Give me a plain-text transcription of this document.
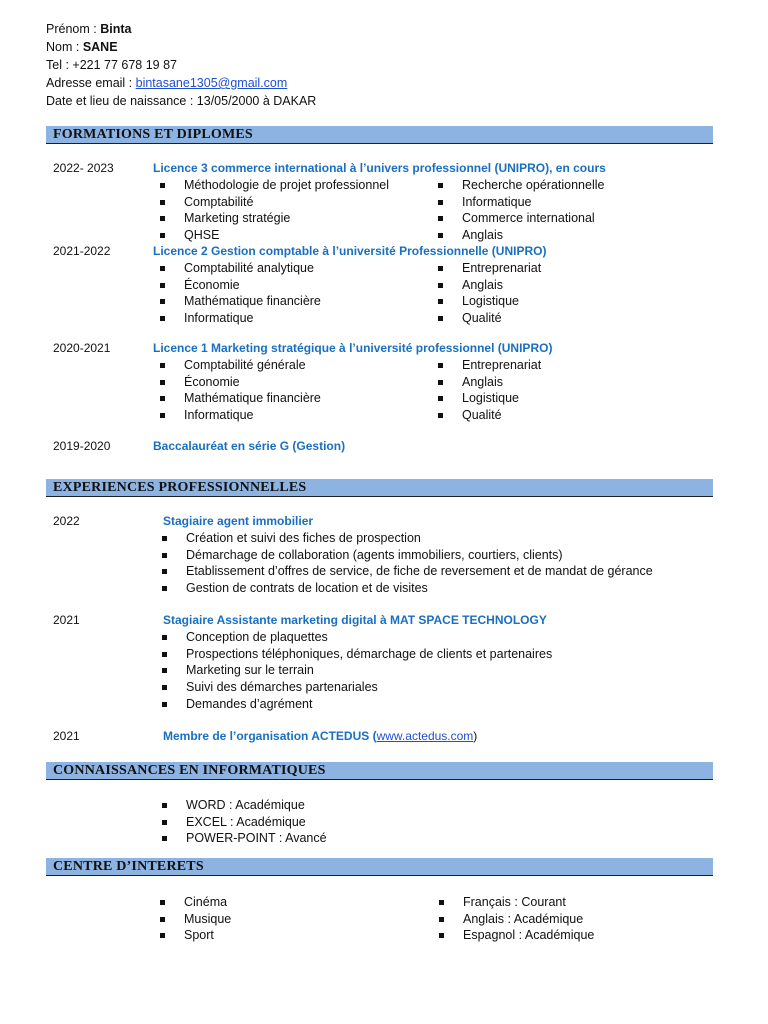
Prénom : Binta
Nom : SANE
Tel : +221 77 678 19 87
Adresse email : bintasane1305@gmail.com
Date et lieu de naissance : 13/05/2000 à DAKAR
FORMATIONS ET DIPLOMES
2022- 2023	Licence 3 commerce international à l’univers professionnel (UNIPRO), en cours
Méthodologie de projet professionnel
Comptabilité
Marketing stratégie
QHSE
Recherche opérationnelle
Informatique
Commerce international
Anglais
2021-2022	Licence 2 Gestion comptable à l’université Professionnelle (UNIPRO)
Comptabilité analytique
Économie
Mathématique financière
Informatique
Entreprenariat
Anglais
Logistique
Qualité
2020-2021	Licence 1 Marketing stratégique à l’université professionnel (UNIPRO)
Comptabilité générale
Économie
Mathématique financière
Informatique
Entreprenariat
Anglais
Logistique
Qualité
2019-2020	Baccalauréat en série G (Gestion)
EXPERIENCES PROFESSIONNELLES
2022	Stagiaire agent immobilier
Création et suivi des fiches de prospection
Démarchage de collaboration (agents immobiliers, courtiers, clients)
Etablissement d’offres de service, de fiche de reversement et de mandat de gérance
Gestion de contrats de location et de visites
2021	Stagiaire Assistante marketing digital à MAT SPACE TECHNOLOGY
Conception de plaquettes
Prospections téléphoniques, démarchage de clients et partenaires
Marketing sur le terrain
Suivi des démarches partenariales
Demandes d’agrément
2021	Membre de l’organisation ACTEDUS (www.actedus.com)
CONNAISSANCES EN INFORMATIQUES
WORD : Académique
EXCEL : Académique
POWER-POINT : Avancé
CENTRE D’INTERETS
Cinéma
Musique
Sport
Français : Courant
Anglais : Académique
Espagnol : Académique
